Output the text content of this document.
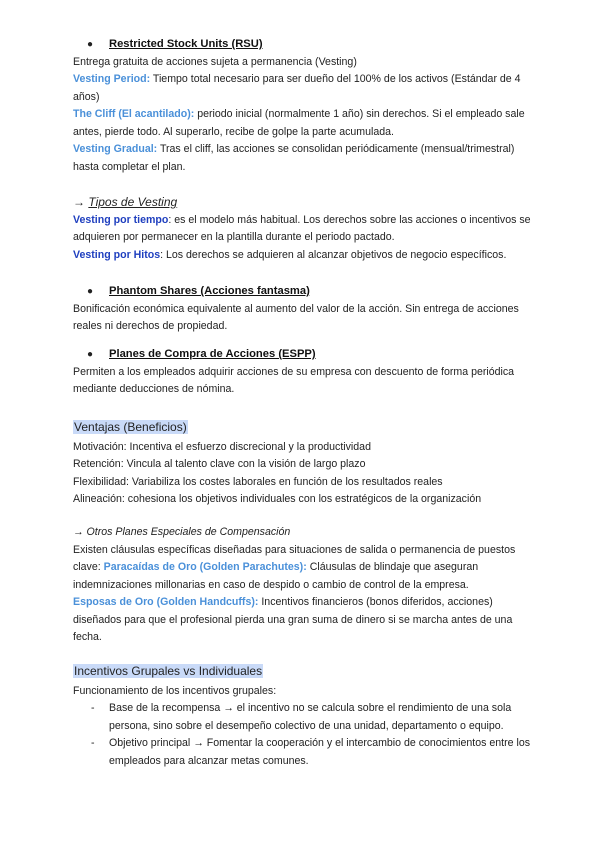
● Restricted Stock Units (RSU)

Entrega gratuita de acciones sujeta a permanencia (Vesting)

Vesting Period: Tiempo total necesario para ser dueño del 100% de los activos (Estándar de 4 años)

The Cliff (El acantilado): periodo inicial (normalmente 1 año) sin derechos. Si el empleado sale antes, pierde todo. Al superarlo, recibe de golpe la parte acumulada.

Vesting Gradual: Tras el cliff, las acciones se consolidan periódicamente (mensual/trimestral) hasta completar el plan.

→ Tipos de Vesting

Vesting por tiempo: es el modelo más habitual. Los derechos sobre las acciones o incentivos se adquieren por permanecer en la plantilla durante el periodo pactado.

Vesting por Hitos: Los derechos se adquieren al alcanzar objetivos de negocio específicos.

● Phantom Shares (Acciones fantasma)

Bonificación económica equivalente al aumento del valor de la acción. Sin entrega de acciones reales ni derechos de propiedad.

● Planes de Compra de Acciones (ESPP)

Permiten a los empleados adquirir acciones de su empresa con descuento de forma periódica mediante deducciones de nómina.

Ventajas (Beneficios)

Motivación: Incentiva el esfuerzo discrecional y la productividad

Retención: Vincula al talento clave con la visión de largo plazo

Flexibilidad: Variabiliza los costes laborales en función de los resultados reales

Alineación: cohesiona los objetivos individuales con los estratégicos de la organización

→ Otros Planes Especiales de Compensación

Existen cláusulas específicas diseñadas para situaciones de salida o permanencia de puestos clave: Paracaídas de Oro (Golden Parachutes): Cláusulas de blindaje que aseguran indemnizaciones millonarias en caso de despido o cambio de control de la empresa.

Esposas de Oro (Golden Handcuffs): Incentivos financieros (bonos diferidos, acciones) diseñados para que el profesional pierda una gran suma de dinero si se marcha antes de una fecha.

Incentivos Grupales vs Individuales

Funcionamiento de los incentivos grupales:

- Base de la recompensa → el incentivo no se calcula sobre el rendimiento de una sola persona, sino sobre el desempeño colectivo de una unidad, departamento o equipo.
- Objetivo principal → Fomentar la cooperación y el intercambio de conocimientos entre los empleados para alcanzar metas comunes.
